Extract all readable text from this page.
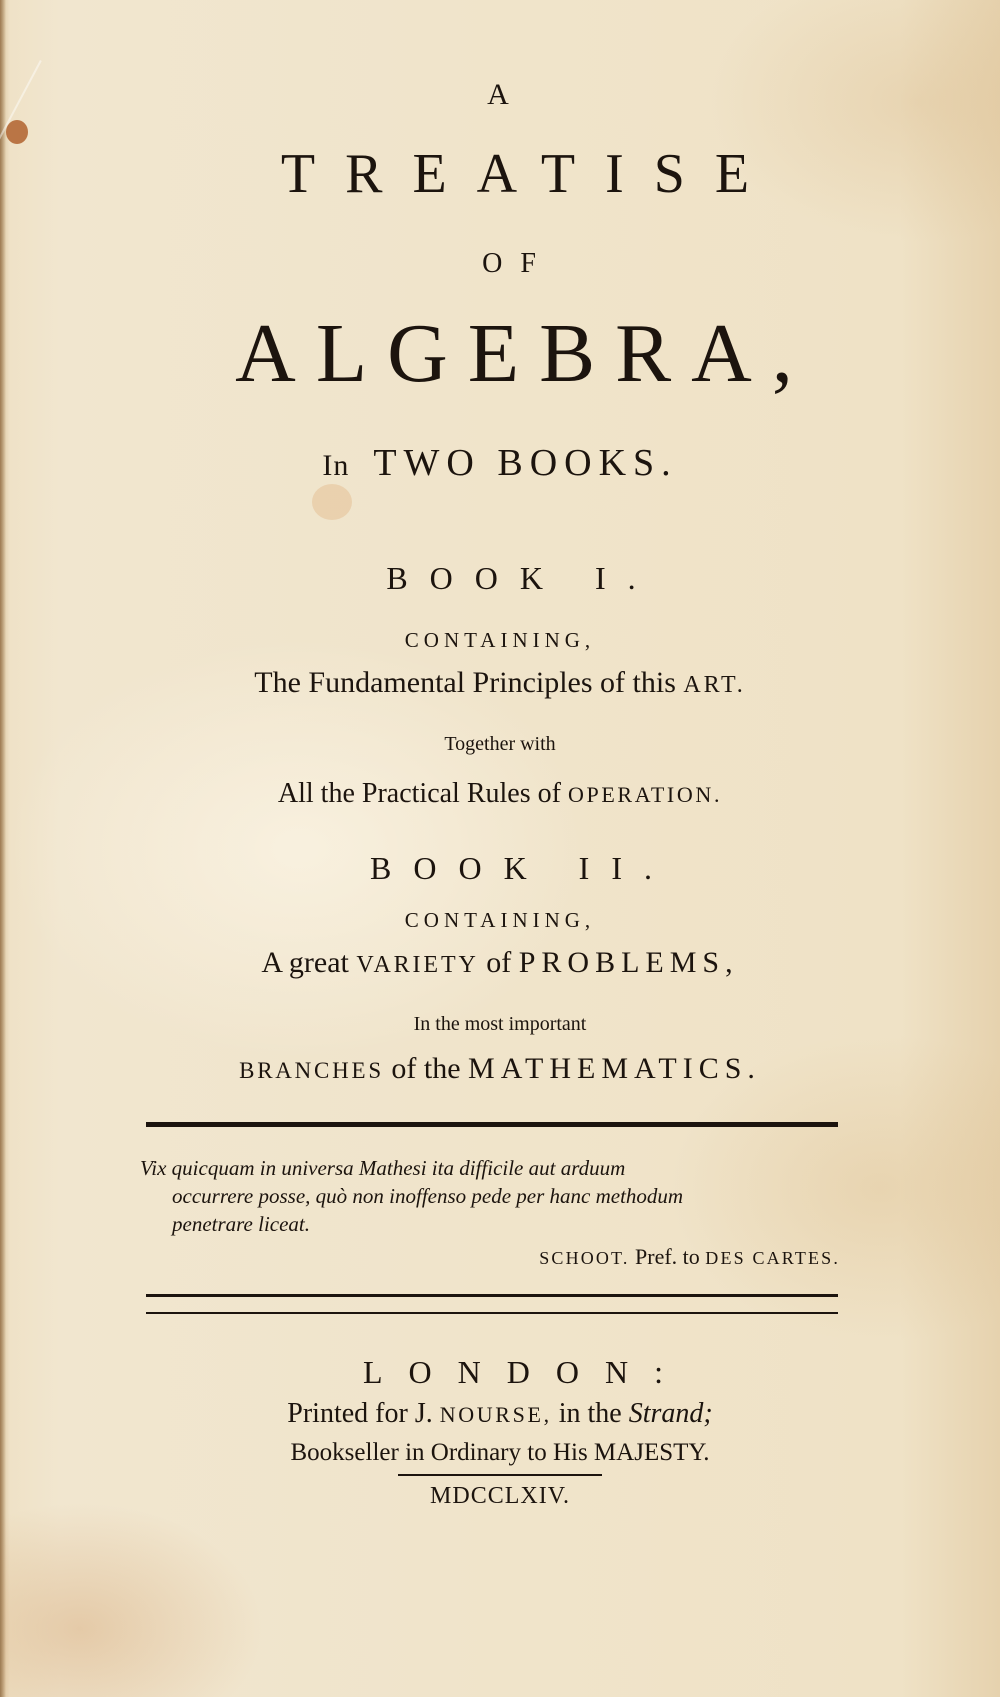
A
TREATISE
OF
ALGEBRA,
In TWO BOOKS.
BOOK I.
CONTAINING,
The Fundamental Principles of this ART.
Together with
All the Practical Rules of OPERATION.
BOOK II.
CONTAINING,
A great VARIETY of PROBLEMS,
In the most important
BRANCHES of the MATHEMATICS.
Vix quicquam in universa Mathesi ita difficile aut arduum
occurrere posse, quò non inoffenso pede per hanc methodum
penetrare liceat.
SCHOOT. Pref. to DES CARTES.
LONDON:
Printed for J. NOURSE, in the Strand;
Bookseller in Ordinary to His MAJESTY.
MDCCLXIV.
